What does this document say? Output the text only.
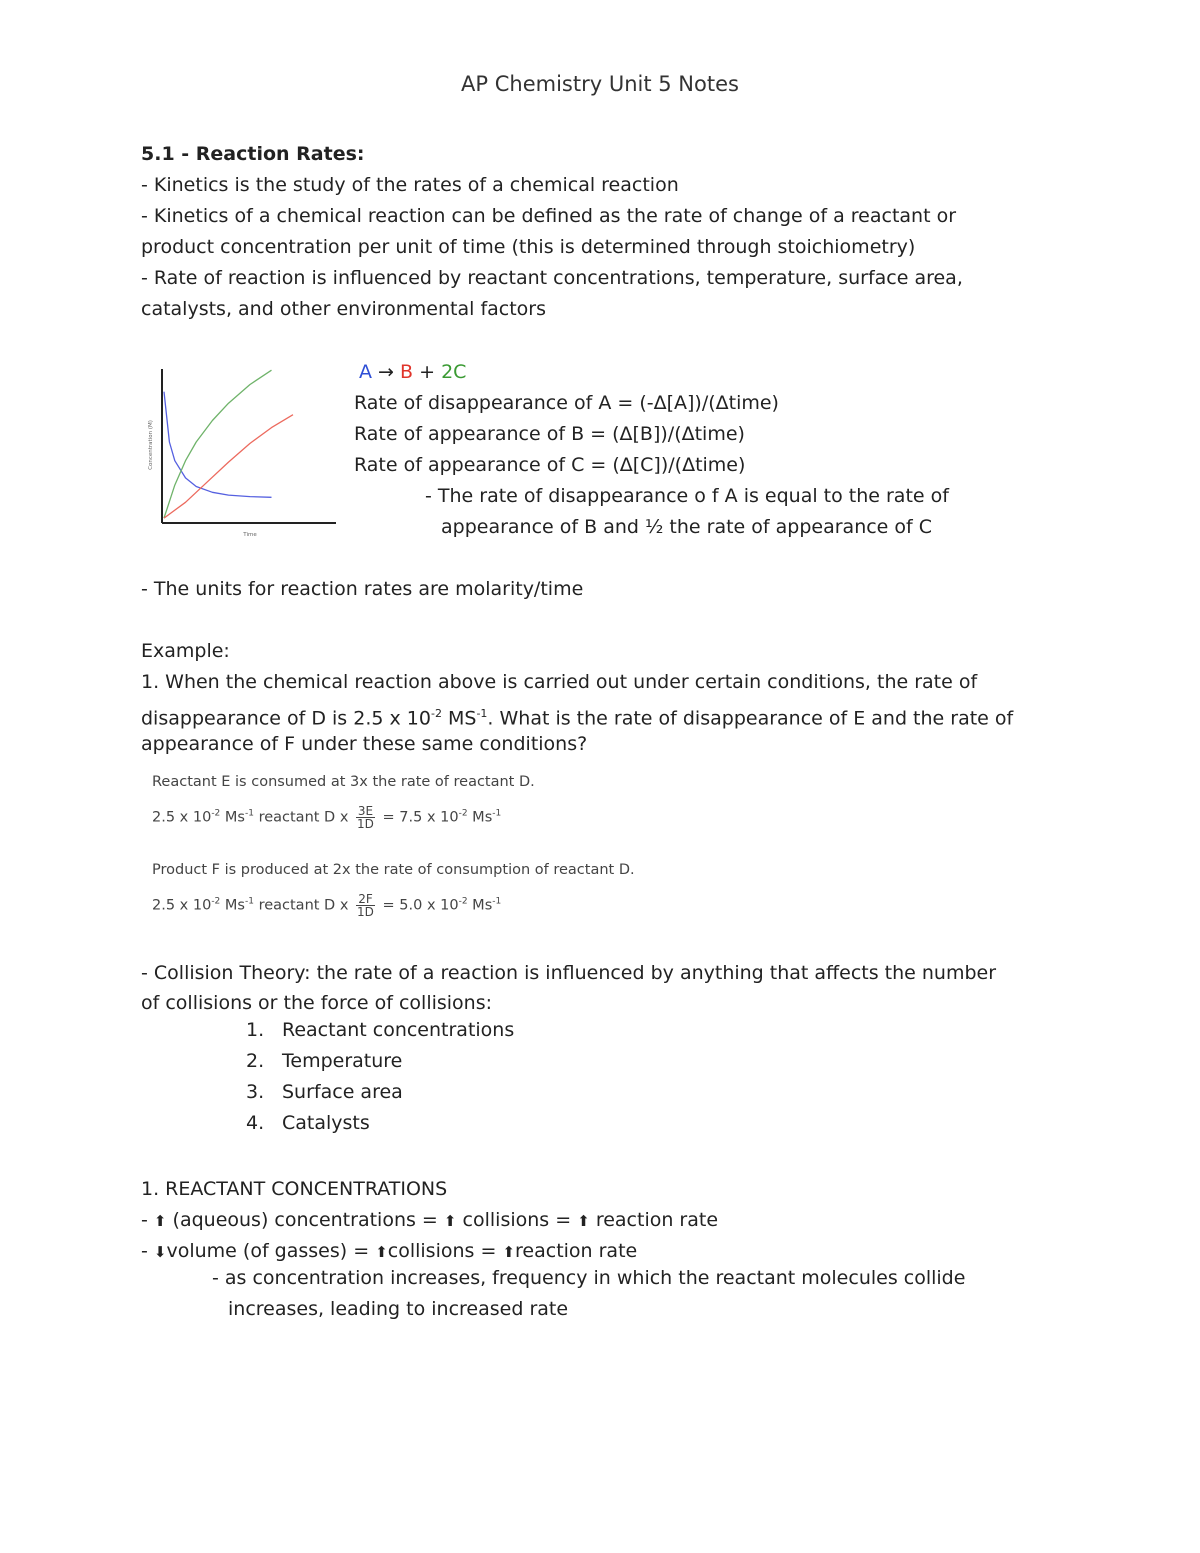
AP Chemistry Unit 5 Notes
5.1 - Reaction Rates:
- Kinetics is the study of the rates of a chemical reaction
- Kinetics of a chemical reaction can be defined as the rate of change of a reactant or
product concentration per unit of time (this is determined through stoichiometry)
- Rate of reaction is influenced by reactant concentrations, temperature, surface area,
catalysts, and other environmental factors
Concentration (M)
Time
A → B + 2C
Rate of disappearance of A = (-Δ[A])/(Δtime)
Rate of appearance of B = (Δ[B])/(Δtime)
Rate of appearance of C = (Δ[C])/(Δtime)
- The rate of disappearance o f A is equal to the rate of
appearance of B and ½ the rate of appearance of C
- The units for reaction rates are molarity/time
Example:
1. When the chemical reaction above is carried out under certain conditions, the rate of
disappearance of D is 2.5 x $10^{-2}$ $MS^{-1}$. What is the rate of disappearance of E and the rate of
appearance of F under these same conditions?
Reactant E is consumed at 3x the rate of reactant D.
2.5 x $10^{-2}$ $Ms^{-1}$ reactant D x $\frac{3E}{1D} = 7.5$ x $10^{-2}$ $Ms^{-1}$
Product F is produced at 2x the rate of consumption of reactant D.
2.5 x $10^{-2}$ $Ms^{-1}$ reactant D x $\frac{2F}{1D} = 5.0$ x $10^{-2}$ $Ms^{-1}$
- Collision Theory: the rate of a reaction is influenced by anything that affects the number
of collisions or the force of collisions:
1. Reactant concentrations
2. Temperature
3. Surface area
4. Catalysts
1. REACTANT CONCENTRATIONS
- ⬆ (aqueous) concentrations = ⬆ collisions = ⬆ reaction rate
- ⬇volume (of gasses) = ⬆collisions = ⬆reaction rate
- as concentration increases, frequency in which the reactant molecules collide
increases, leading to increased rate
